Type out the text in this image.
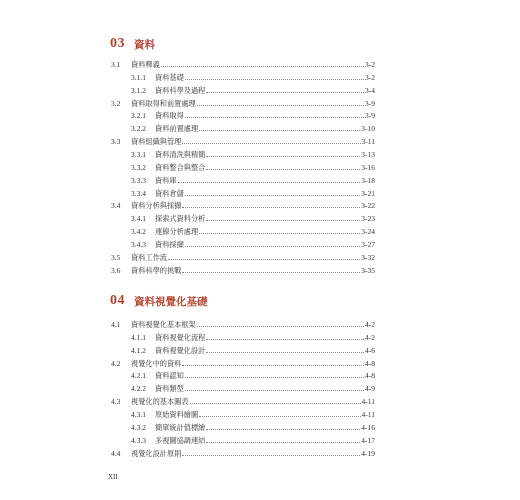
03 資料
3.1	資料釋義	3-2
3.1.1	資料基礎	3-2
3.1.2	資料科學及過程	3-4
3.2	資料取得和前置處理	3-9
3.2.1	資料取得	3-9
3.2.2	資料前置處理	3-10
3.3	資料組織與管理	3-11
3.3.1	資料清洗與精簡	3-13
3.3.2	資料整合與整合	3-16
3.3.3	資料庫	3-18
3.3.4	資料倉儲	3-21
3.4	資料分析與採擷	3-22
3.4.1	探索式資料分析	3-23
3.4.2	連線分析處理	3-24
3.4.3	資料採擷	3-27
3.5	資料工作流	3-32
3.6	資料科學的挑戰	3-35
04 資料視覺化基礎
4.1	資料視覺化基本框架	4-2
4.1.1	資料視覺化流程	4-2
4.1.2	資料視覺化設計	4-6
4.2	視覺化中的資料	4-8
4.2.1	資料認知	4-8
4.2.2	資料類型	4-9
4.3	視覺化的基本圖表	4-11
4.3.1	原始資料繪圖	4-11
4.3.2	簡單統計值標繪	4-16
4.3.3	多視圖協調連結	4-17
4.4	視覺化設計原則	4-19
XII
